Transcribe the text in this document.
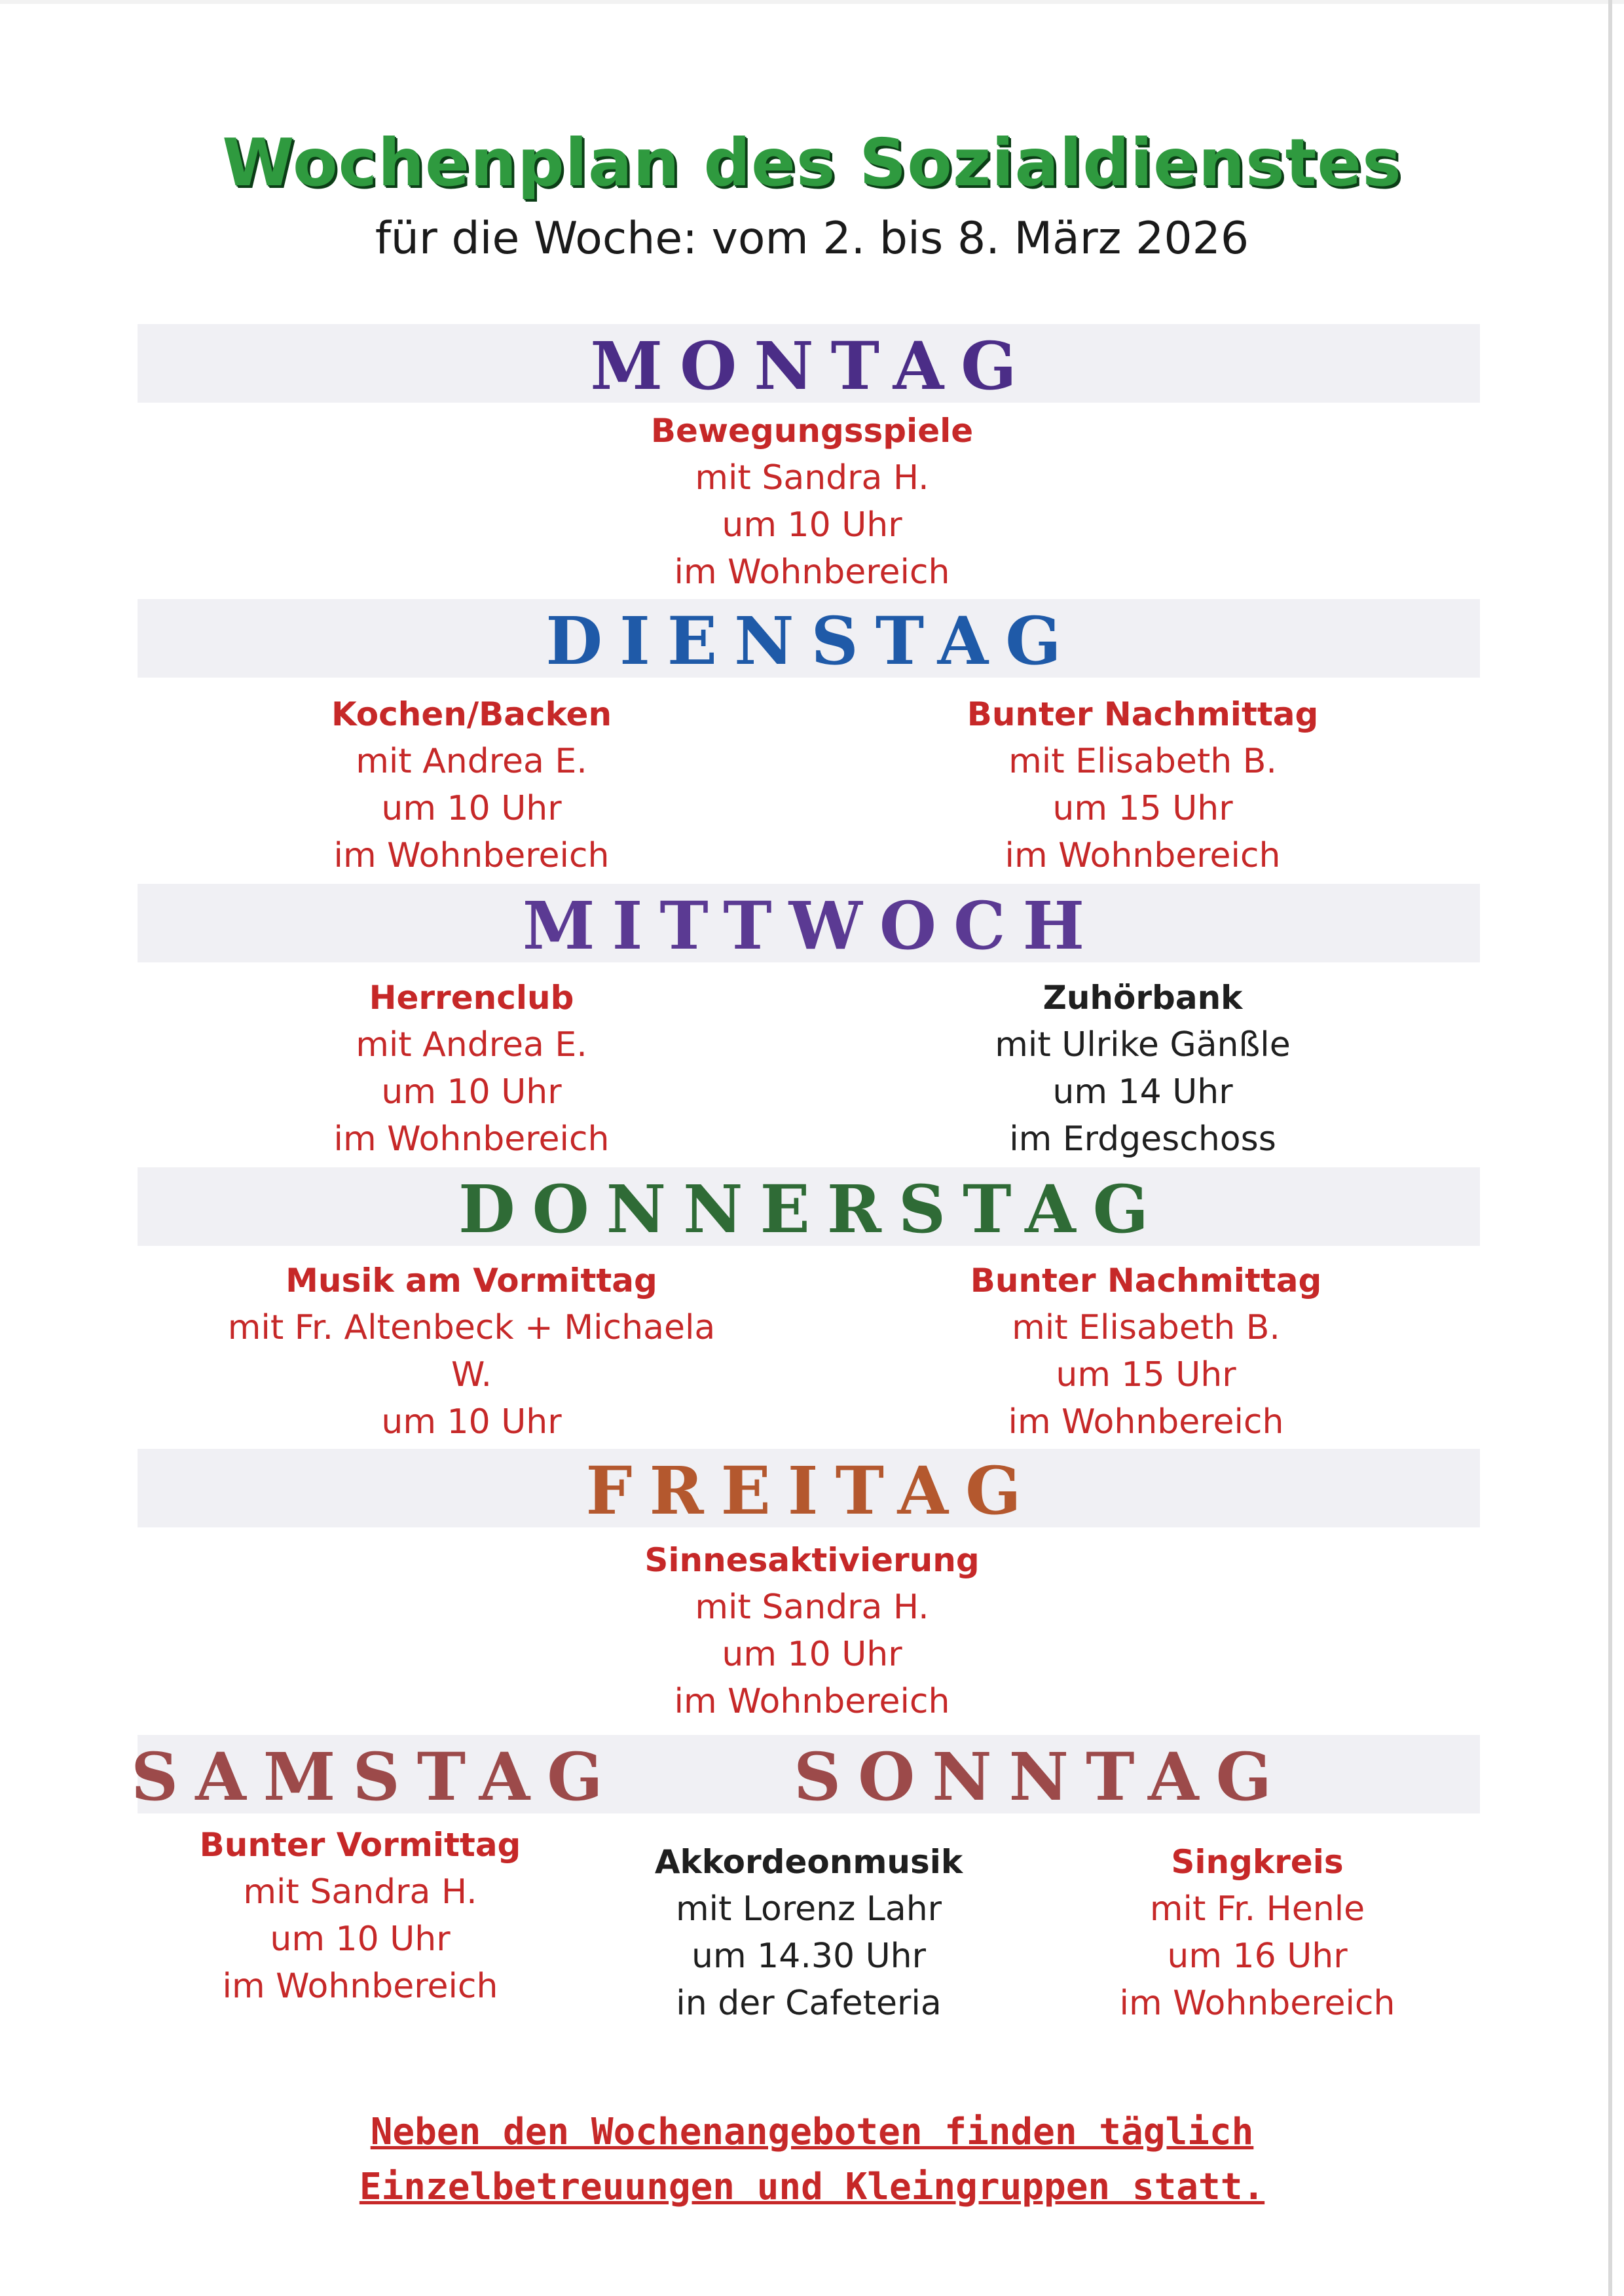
Wochenplan des Sozialdienstes
für die Woche: vom 2. bis 8. März 2026
MONTAG
Bewegungsspiele
mit Sandra H.
um 10 Uhr
im Wohnbereich
DIENSTAG
Kochen/Backen
mit Andrea E.
um 10 Uhr
im Wohnbereich
Bunter Nachmittag
mit Elisabeth B.
um 15 Uhr
im Wohnbereich
MITTWOCH
Herrenclub
mit Andrea E.
um 10 Uhr
im Wohnbereich
Zuhörbank
mit Ulrike Gänßle
um 14 Uhr
im Erdgeschoss
DONNERSTAG
Musik am Vormittag
mit Fr. Altenbeck + Michaela W.
um 10 Uhr
Bunter Nachmittag
mit Elisabeth B.
um 15 Uhr
im Wohnbereich
FREITAG
Sinnesaktivierung
mit Sandra H.
um 10 Uhr
im Wohnbereich
SAMSTAG	SONNTAG
Bunter Vormittag
mit Sandra H.
um 10 Uhr
im Wohnbereich
Akkordeonmusik
mit Lorenz Lahr
um 14.30 Uhr
in der Cafeteria
Singkreis
mit Fr. Henle
um 16 Uhr
im Wohnbereich
Neben den Wochenangeboten finden täglich
Einzelbetreuungen und Kleingruppen statt.
